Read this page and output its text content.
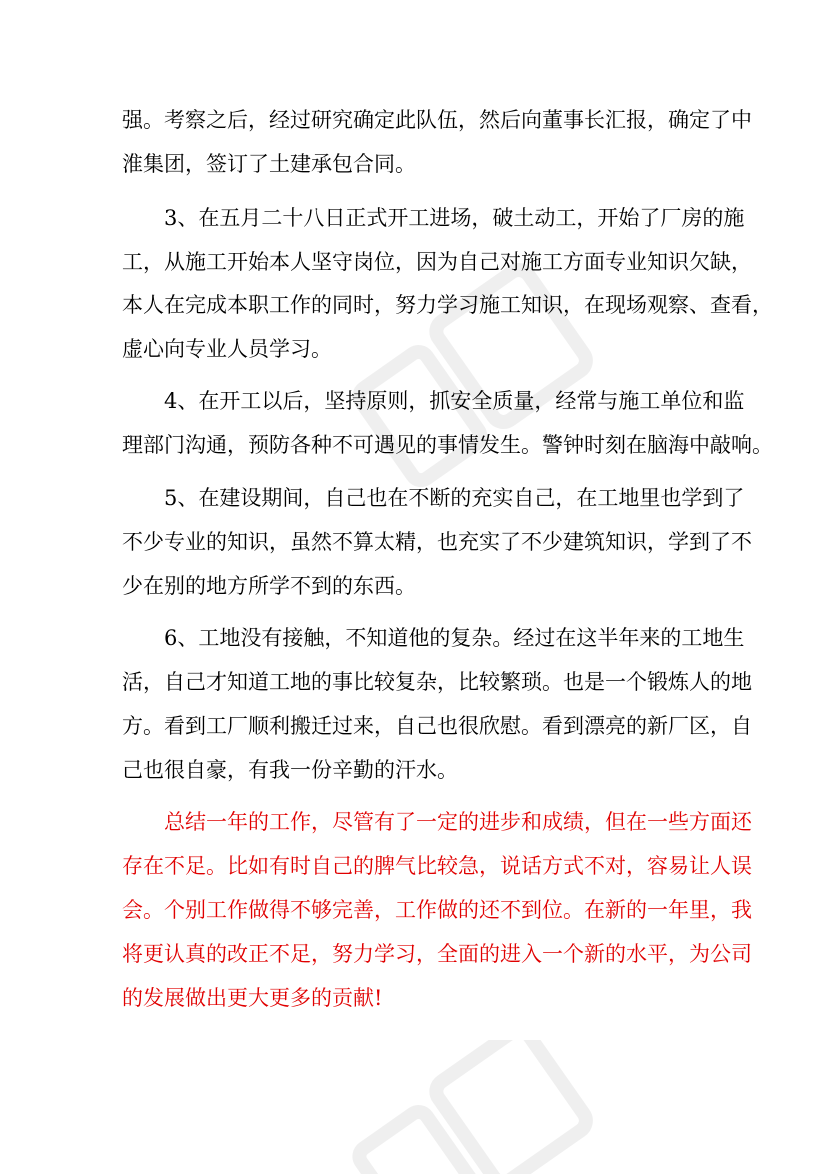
强。考察之后，经过研究确定此队伍，然后向董事长汇报，确定了中
淮集团，签订了土建承包合同。
3、在五月二十八日正式开工进场，破土动工，开始了厂房的施
工，从施工开始本人坚守岗位，因为自己对施工方面专业知识欠缺，
本人在完成本职工作的同时，努力学习施工知识，在现场观察、查看，
虚心向专业人员学习。
4、在开工以后，坚持原则，抓安全质量，经常与施工单位和监
理部门沟通，预防各种不可遇见的事情发生。警钟时刻在脑海中敲响。
5、在建设期间，自己也在不断的充实自己，在工地里也学到了
不少专业的知识，虽然不算太精，也充实了不少建筑知识，学到了不
少在别的地方所学不到的东西。
6、工地没有接触，不知道他的复杂。经过在这半年来的工地生
活，自己才知道工地的事比较复杂，比较繁琐。也是一个锻炼人的地
方。看到工厂顺利搬迁过来，自己也很欣慰。看到漂亮的新厂区，自
己也很自豪，有我一份辛勤的汗水。
总结一年的工作，尽管有了一定的进步和成绩，但在一些方面还
存在不足。比如有时自己的脾气比较急，说话方式不对，容易让人误
会。个别工作做得不够完善，工作做的还不到位。在新的一年里，我
将更认真的改正不足，努力学习，全面的进入一个新的水平，为公司
的发展做出更大更多的贡献!
